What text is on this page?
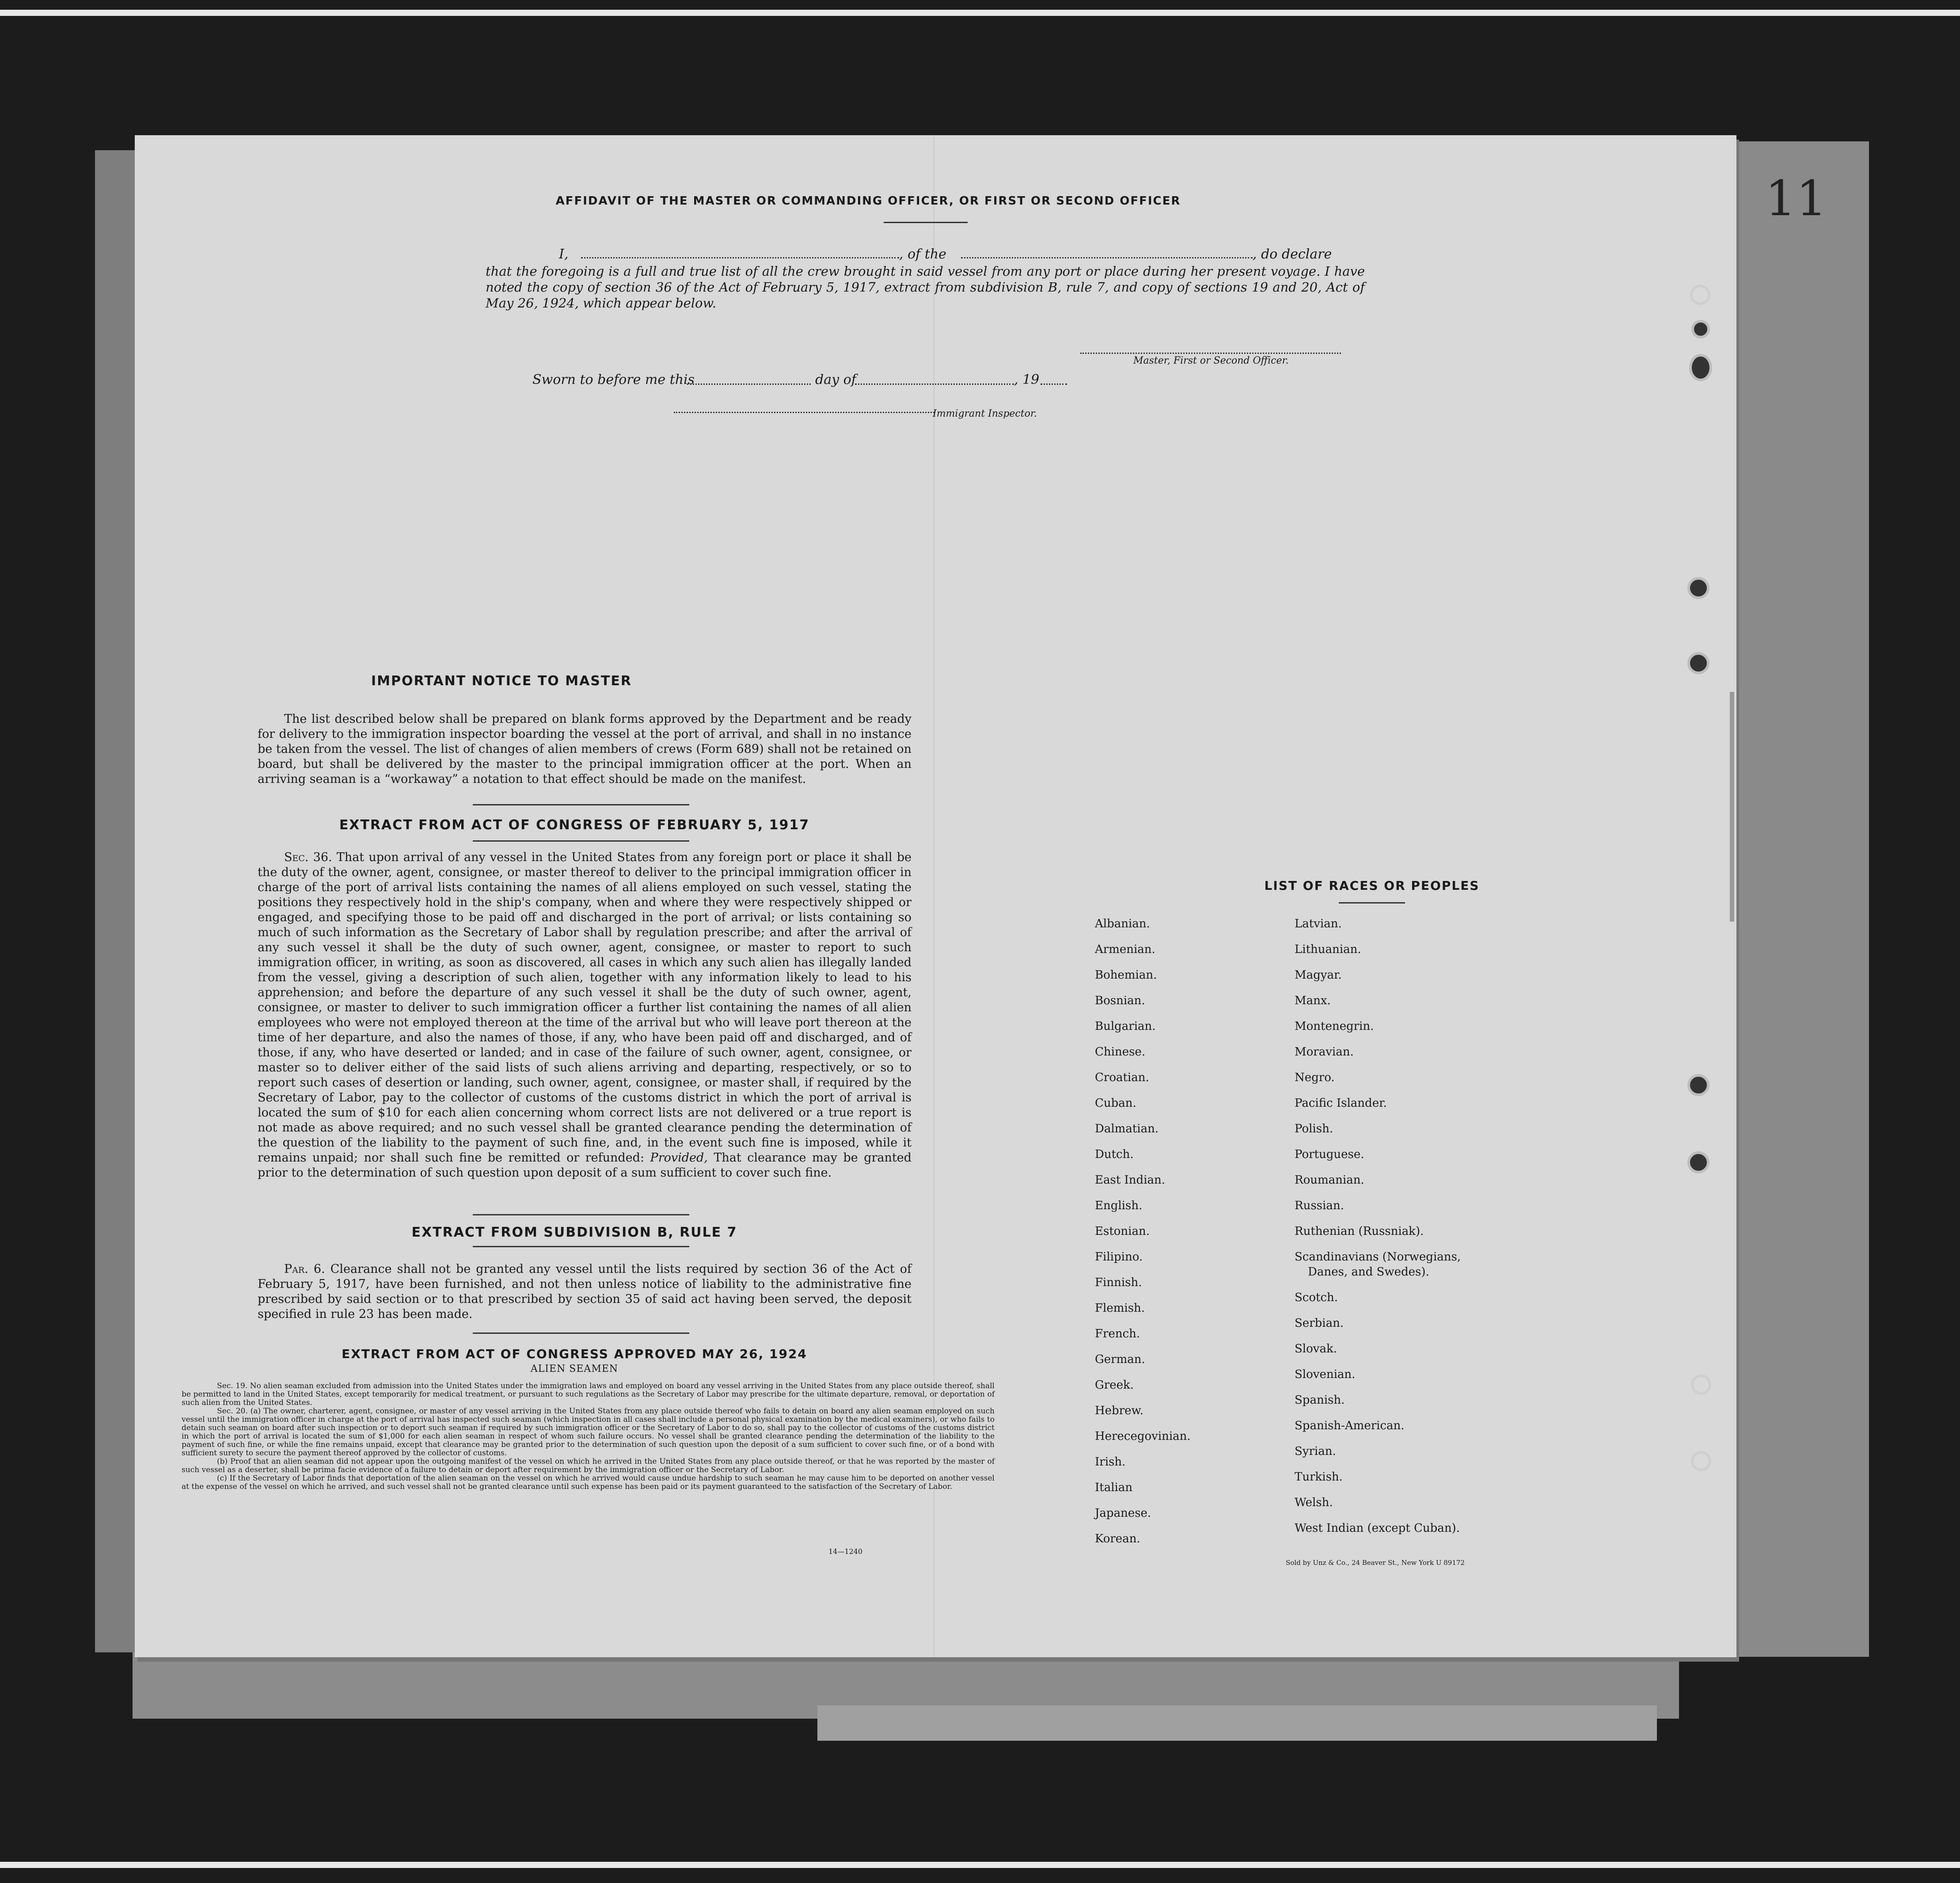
11
AFFIDAVIT OF THE MASTER OR COMMANDING OFFICER, OR FIRST OR SECOND OFFICER
I,	, of the	, do declare
that the foregoing is a full and true list of all the crew brought in said vessel from any port or place during her present voyage. I have noted the copy of section 36 of the Act of February 5, 1917, extract from subdivision B, rule 7, and copy of sections 19 and 20, Act of May 26, 1924, which appear below.
Master, First or Second Officer.
Sworn to before me this	day of	, 19
Immigrant Inspector.
IMPORTANT NOTICE TO MASTER
The list described below shall be prepared on blank forms approved by the Department and be ready for delivery to the immigration inspector boarding the vessel at the port of arrival, and shall in no instance be taken from the vessel. The list of changes of alien members of crews (Form 689) shall not be retained on board, but shall be delivered by the master to the principal immigration officer at the port. When an arriving seaman is a “workaway” a notation to that effect should be made on the manifest.
EXTRACT FROM ACT OF CONGRESS OF FEBRUARY 5, 1917
Sec. 36. That upon arrival of any vessel in the United States from any foreign port or place it shall be the duty of the owner, agent, consignee, or master thereof to deliver to the principal immigration officer in charge of the port of arrival lists containing the names of all aliens employed on such vessel, stating the positions they respectively hold in the ship's company, when and where they were respectively shipped or engaged, and specifying those to be paid off and discharged in the port of arrival; or lists containing so much of such information as the Secretary of Labor shall by regulation prescribe; and after the arrival of any such vessel it shall be the duty of such owner, agent, consignee, or master to report to such immigration officer, in writing, as soon as discovered, all cases in which any such alien has illegally landed from the vessel, giving a description of such alien, together with any information likely to lead to his apprehension; and before the departure of any such vessel it shall be the duty of such owner, agent, consignee, or master to deliver to such immigration officer a further list containing the names of all alien employees who were not employed thereon at the time of the arrival but who will leave port thereon at the time of her departure, and also the names of those, if any, who have been paid off and discharged, and of those, if any, who have deserted or landed; and in case of the failure of such owner, agent, consignee, or master so to deliver either of the said lists of such aliens arriving and departing, respectively, or so to report such cases of desertion or landing, such owner, agent, consignee, or master shall, if required by the Secretary of Labor, pay to the collector of customs of the customs district in which the port of arrival is located the sum of $10 for each alien concerning whom correct lists are not delivered or a true report is not made as above required; and no such vessel shall be granted clearance pending the determination of the question of the liability to the payment of such fine, and, in the event such fine is imposed, while it remains unpaid; nor shall such fine be remitted or refunded: Provided, That clearance may be granted prior to the determination of such question upon deposit of a sum sufficient to cover such fine.
EXTRACT FROM SUBDIVISION B, RULE 7
Par. 6. Clearance shall not be granted any vessel until the lists required by section 36 of the Act of February 5, 1917, have been furnished, and not then unless notice of liability to the administrative fine prescribed by said section or to that prescribed by section 35 of said act having been served, the deposit specified in rule 23 has been made.
EXTRACT FROM ACT OF CONGRESS APPROVED MAY 26, 1924
ALIEN SEAMEN
Sec. 19. No alien seaman excluded from admission into the United States under the immigration laws and employed on board any vessel arriving in the United States from any place outside thereof, shall be permitted to land in the United States, except temporarily for medical treatment, or pursuant to such regulations as the Secretary of Labor may prescribe for the ultimate departure, removal, or deportation of such alien from the United States.
Sec. 20. (a) The owner, charterer, agent, consignee, or master of any vessel arriving in the United States from any place outside thereof who fails to detain on board any alien seaman employed on such vessel until the immigration officer in charge at the port of arrival has inspected such seaman (which inspection in all cases shall include a personal physical examination by the medical examiners), or who fails to detain such seaman on board after such inspection or to deport such seaman if required by such immigration officer or the Secretary of Labor to do so, shall pay to the collector of customs of the customs district in which the port of arrival is located the sum of $1,000 for each alien seaman in respect of whom such failure occurs. No vessel shall be granted clearance pending the determination of the liability to the payment of such fine, or while the fine remains unpaid, except that clearance may be granted prior to the determination of such question upon the deposit of a sum sufficient to cover such fine, or of a bond with sufficient surety to secure the payment thereof approved by the collector of customs.
(b) Proof that an alien seaman did not appear upon the outgoing manifest of the vessel on which he arrived in the United States from any place outside thereof, or that he was reported by the master of such vessel as a deserter, shall be prima facie evidence of a failure to detain or deport after requirement by the immigration officer or the Secretary of Labor.
(c) If the Secretary of Labor finds that deportation of the alien seaman on the vessel on which he arrived would cause undue hardship to such seaman he may cause him to be deported on another vessel at the expense of the vessel on which he arrived, and such vessel shall not be granted clearance until such expense has been paid or its payment guaranteed to the satisfaction of the Secretary of Labor.
14—1240
LIST OF RACES OR PEOPLES
Albanian.
Armenian.
Bohemian.
Bosnian.
Bulgarian.
Chinese.
Croatian.
Cuban.
Dalmatian.
Dutch.
East Indian.
English.
Estonian.
Filipino.
Finnish.
Flemish.
French.
German.
Greek.
Hebrew.
Herecegovinian.
Irish.
Italian
Japanese.
Korean.
Latvian.
Lithuanian.
Magyar.
Manx.
Montenegrin.
Moravian.
Negro.
Pacific Islander.
Polish.
Portuguese.
Roumanian.
Russian.
Ruthenian (Russniak).
Scandinavians (Norwegians,
Danes, and Swedes).
Scotch.
Serbian.
Slovak.
Slovenian.
Spanish.
Spanish-American.
Syrian.
Turkish.
Welsh.
West Indian (except Cuban).
Sold by Unz & Co., 24 Beaver St., New York U 89172
